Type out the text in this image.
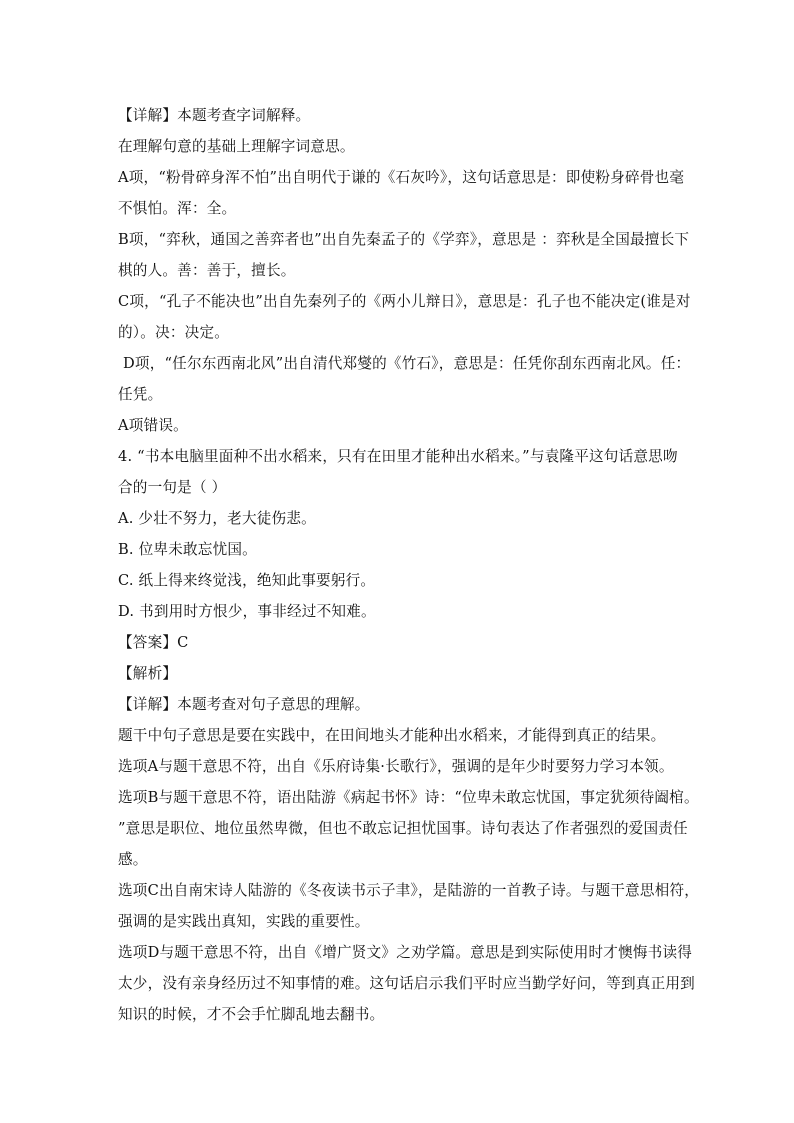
【详解】本题考查字词解释。
在理解句意的基础上理解字词意思。
A项，“粉骨碎身浑不怕”出自明代于谦的《石灰吟》，这句话意思是：即使粉身碎骨也毫
不惧怕。浑：全。
B项，“弈秋，通国之善弈者也”出自先秦孟子的《学弈》，意思是 ：弈秋是全国最擅长下
棋的人。善：善于，擅长。
C项，“孔子不能决也”出自先秦列子的《两小儿辩日》，意思是：孔子也不能决定(谁是对
的）。决：决定。
D项，“任尔东西南北风”出自清代郑燮的《竹石》，意思是：任凭你刮东西南北风。任：
任凭。
A项错误。
4. “书本电脑里面种不出水稻来，只有在田里才能种出水稻来。”与袁隆平这句话意思吻
合的一句是（ ）
A. 少壮不努力，老大徒伤悲。
B. 位卑未敢忘忧国。
C. 纸上得来终觉浅，绝知此事要躬行。
D. 书到用时方恨少，事非经过不知难。
【答案】C
【解析】
【详解】本题考查对句子意思的理解。
题干中句子意思是要在实践中，在田间地头才能种出水稻来，才能得到真正的结果。
选项A与题干意思不符，出自《乐府诗集·长歌行》，强调的是年少时要努力学习本领。
选项B与题干意思不符，语出陆游《病起书怀》诗：“位卑未敢忘忧国，事定犹须待阖棺。
”意思是职位、地位虽然卑微，但也不敢忘记担忧国事。诗句表达了作者强烈的爱国责任
感。
选项C出自南宋诗人陆游的《冬夜读书示子聿》，是陆游的一首教子诗。与题干意思相符，
强调的是实践出真知，实践的重要性。
选项D与题干意思不符，出自《增广贤文》之劝学篇。意思是到实际使用时才懊悔书读得
太少，没有亲身经历过不知事情的难。这句话启示我们平时应当勤学好问，等到真正用到
知识的时候，才不会手忙脚乱地去翻书。
